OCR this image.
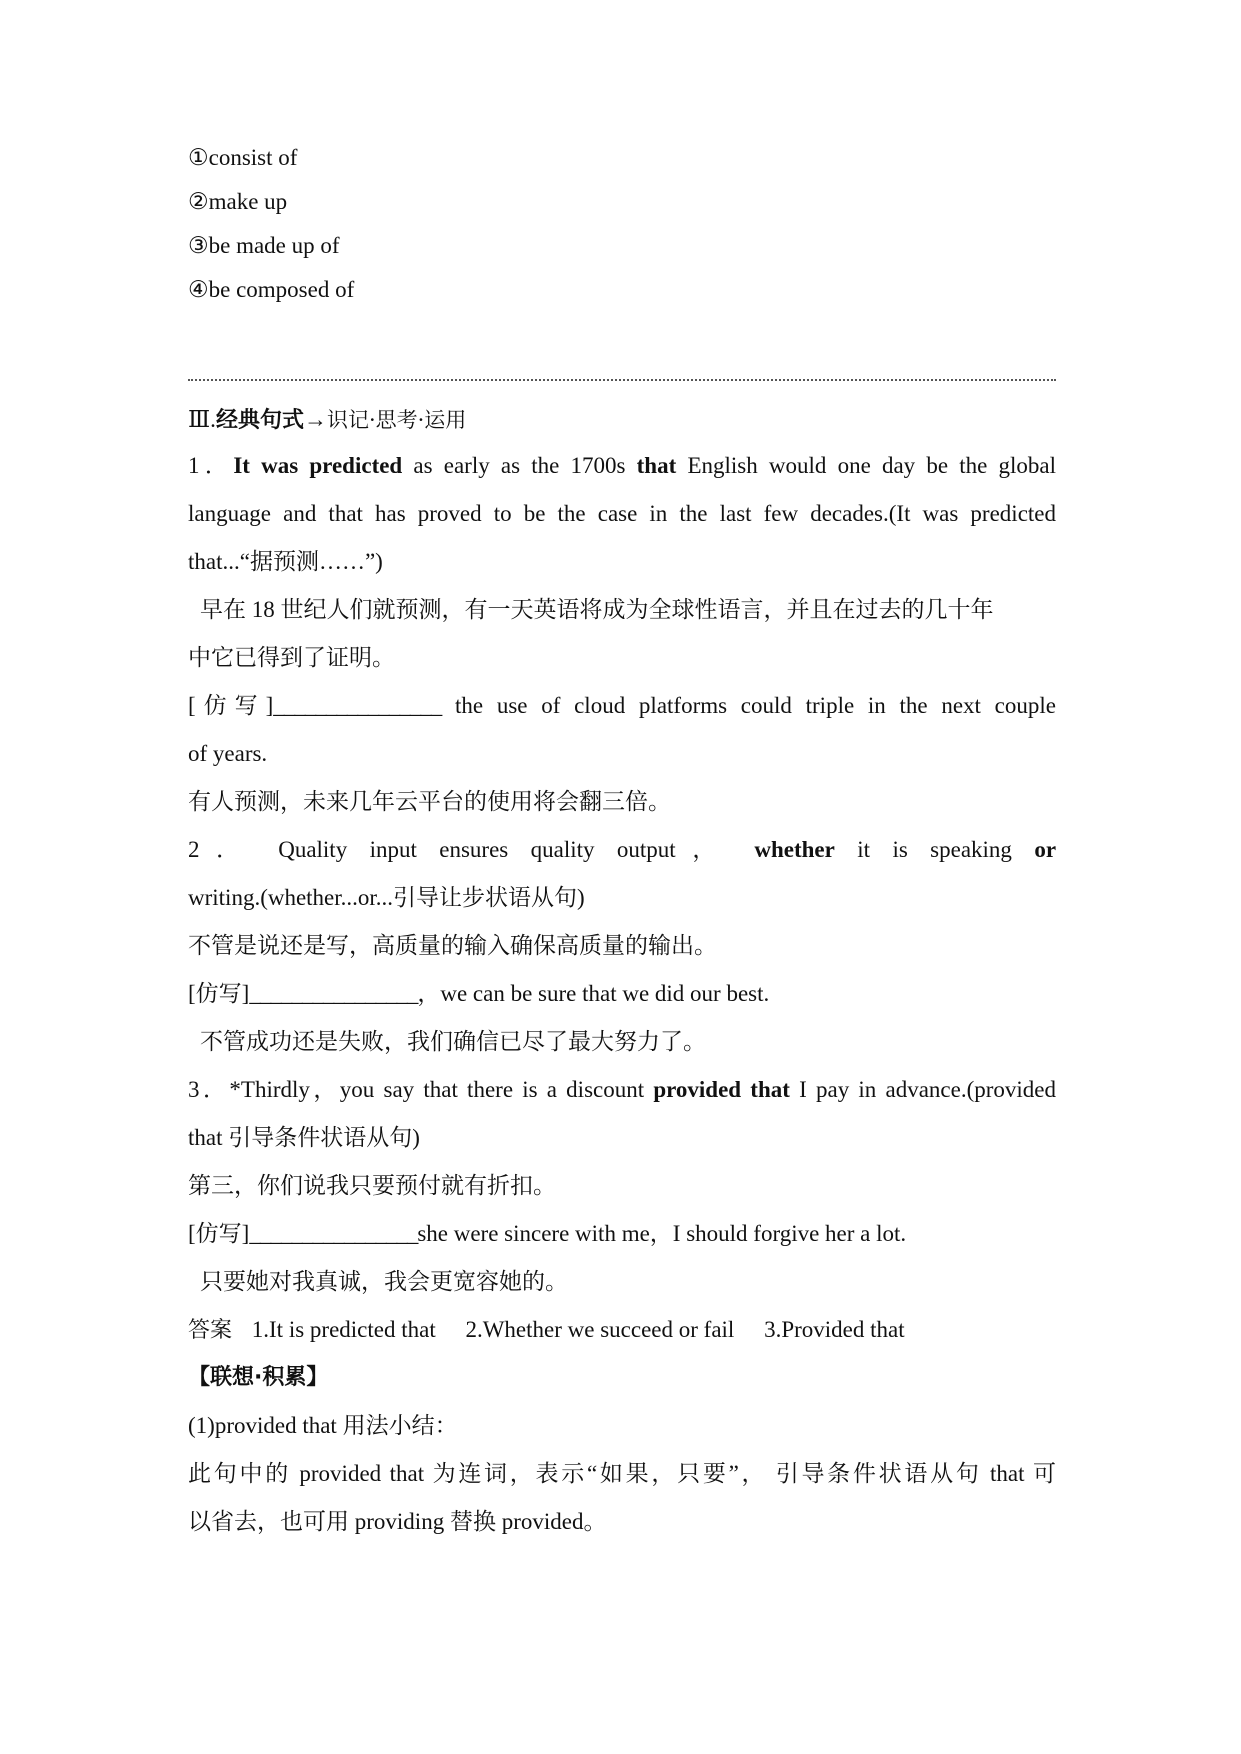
①consist of
②make up
③be made up of
④be composed of
Ⅲ.经典句式→识记·思考·运用
1．It was predicted as early as the 1700s that English would one day be the global
language and that has proved to be the case in the last few decades.(It was predicted
that...“据预测……”)
早在 18 世纪人们就预测，有一天英语将成为全球性语言，并且在过去的几十年
中它已得到了证明。
[仿写]________________ the use of cloud platforms could triple in the next couple
of years.
有人预测，未来几年云平台的使用将会翻三倍。
2． Quality input ensures quality output， whether it is speaking or
writing.(whether...or...引导让步状语从句)
不管是说还是写，高质量的输入确保高质量的输出。
[仿写]________________，we can be sure that we did our best.
不管成功还是失败，我们确信已尽了最大努力了。
3．*Thirdly，you say that there is a discount provided that I pay in advance.(provided
that 引导条件状语从句)
第三，你们说我只要预付就有折扣。
[仿写]________________she were sincere with me，I should forgive her a lot.
只要她对我真诚，我会更宽容她的。
答案 1.It is predicted that 2.Whether we succeed or fail 3.Provided that
【联想·积累】
(1)provided that 用法小结：
此句中的 provided that 为连词，表示“如果，只要”， 引导条件状语从句 that 可
以省去，也可用 providing 替换 provided。
